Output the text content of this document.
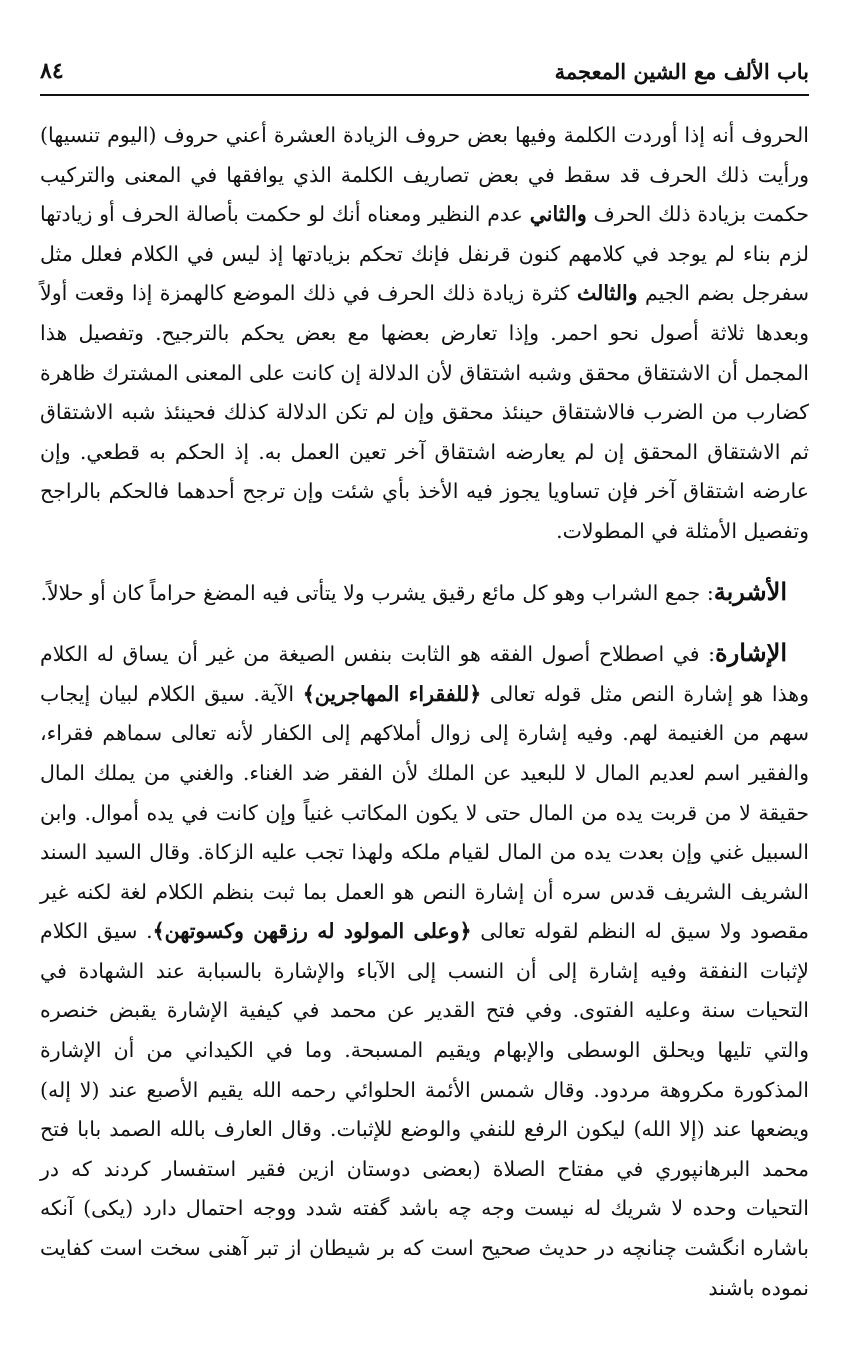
باب الألف مع الشين المعجمة
٨٤

الحروف أنه إذا أوردت الكلمة وفيها بعض حروف الزيادة العشرة أعني حروف (اليوم تنسيها) ورأيت ذلك الحرف قد سقط في بعض تصاريف الكلمة الذي يوافقها في المعنى والتركيب حكمت بزيادة ذلك الحرف والثاني عدم النظير ومعناه أنك لو حكمت بأصالة الحرف أو زيادتها لزم بناء لم يوجد في كلامهم كنون قرنفل فإنك تحكم بزيادتها إذ ليس في الكلام فعلل مثل سفرجل بضم الجيم والثالث كثرة زيادة ذلك الحرف في ذلك الموضع كالهمزة إذا وقعت أولاً وبعدها ثلاثة أصول نحو احمر. وإذا تعارض بعضها مع بعض يحكم بالترجيح. وتفصيل هذا المجمل أن الاشتقاق محقق وشبه اشتقاق لأن الدلالة إن كانت على المعنى المشترك ظاهرة كضارب من الضرب فالاشتقاق حينئذ محقق وإن لم تكن الدلالة كذلك فحينئذ شبه الاشتقاق ثم الاشتقاق المحقق إن لم يعارضه اشتقاق آخر تعين العمل به. إذ الحكم به قطعي. وإن عارضه اشتقاق آخر فإن تساويا يجوز فيه الأخذ بأي شئت وإن ترجح أحدهما فالحكم بالراجح وتفصيل الأمثلة في المطولات.

الأشربة: جمع الشراب وهو كل مائع رقيق يشرب ولا يتأتى فيه المضغ حراماً كان أو حلالاً.

الإشارة: في اصطلاح أصول الفقه هو الثابت بنفس الصيغة من غير أن يساق له الكلام وهذا هو إشارة النص مثل قوله تعالى ﴿للفقراء المهاجرين﴾ الآية. سيق الكلام لبيان إيجاب سهم من الغنيمة لهم. وفيه إشارة إلى زوال أملاكهم إلى الكفار لأنه تعالى سماهم فقراء، والفقير اسم لعديم المال لا للبعيد عن الملك لأن الفقر ضد الغناء. والغني من يملك المال حقيقة لا من قربت يده من المال حتى لا يكون المكاتب غنياً وإن كانت في يده أموال. وابن السبيل غني وإن بعدت يده من المال لقيام ملكه ولهذا تجب عليه الزكاة. وقال السيد السند الشريف الشريف قدس سره أن إشارة النص هو العمل بما ثبت بنظم الكلام لغة لكنه غير مقصود ولا سيق له النظم لقوله تعالى ﴿وعلى المولود له رزقهن وكسوتهن﴾. سيق الكلام لإثبات النفقة وفيه إشارة إلى أن النسب إلى الآباء والإشارة بالسبابة عند الشهادة في التحيات سنة وعليه الفتوى. وفي فتح القدير عن محمد في كيفية الإشارة يقبض خنصره والتي تليها ويحلق الوسطى والإبهام ويقيم المسبحة. وما في الكيداني من أن الإشارة المذكورة مكروهة مردود. وقال شمس الأئمة الحلوائي رحمه الله يقيم الأصبع عند (لا إله) ويضعها عند (إلا الله) ليكون الرفع للنفي والوضع للإثبات. وقال العارف بالله الصمد بابا فتح محمد البرهانپوري في مفتاح الصلاة (بعضى دوستان ازين فقير استفسار كردند كه در التحيات وحده لا شريك له نيست وجه چه باشد گفته شدد ووجه احتمال دارد (يكى) آنكه باشاره انگشت چنانچه در حديث صحيح است كه بر شيطان از تبر آهنى سخت است كفايت نموده باشند
